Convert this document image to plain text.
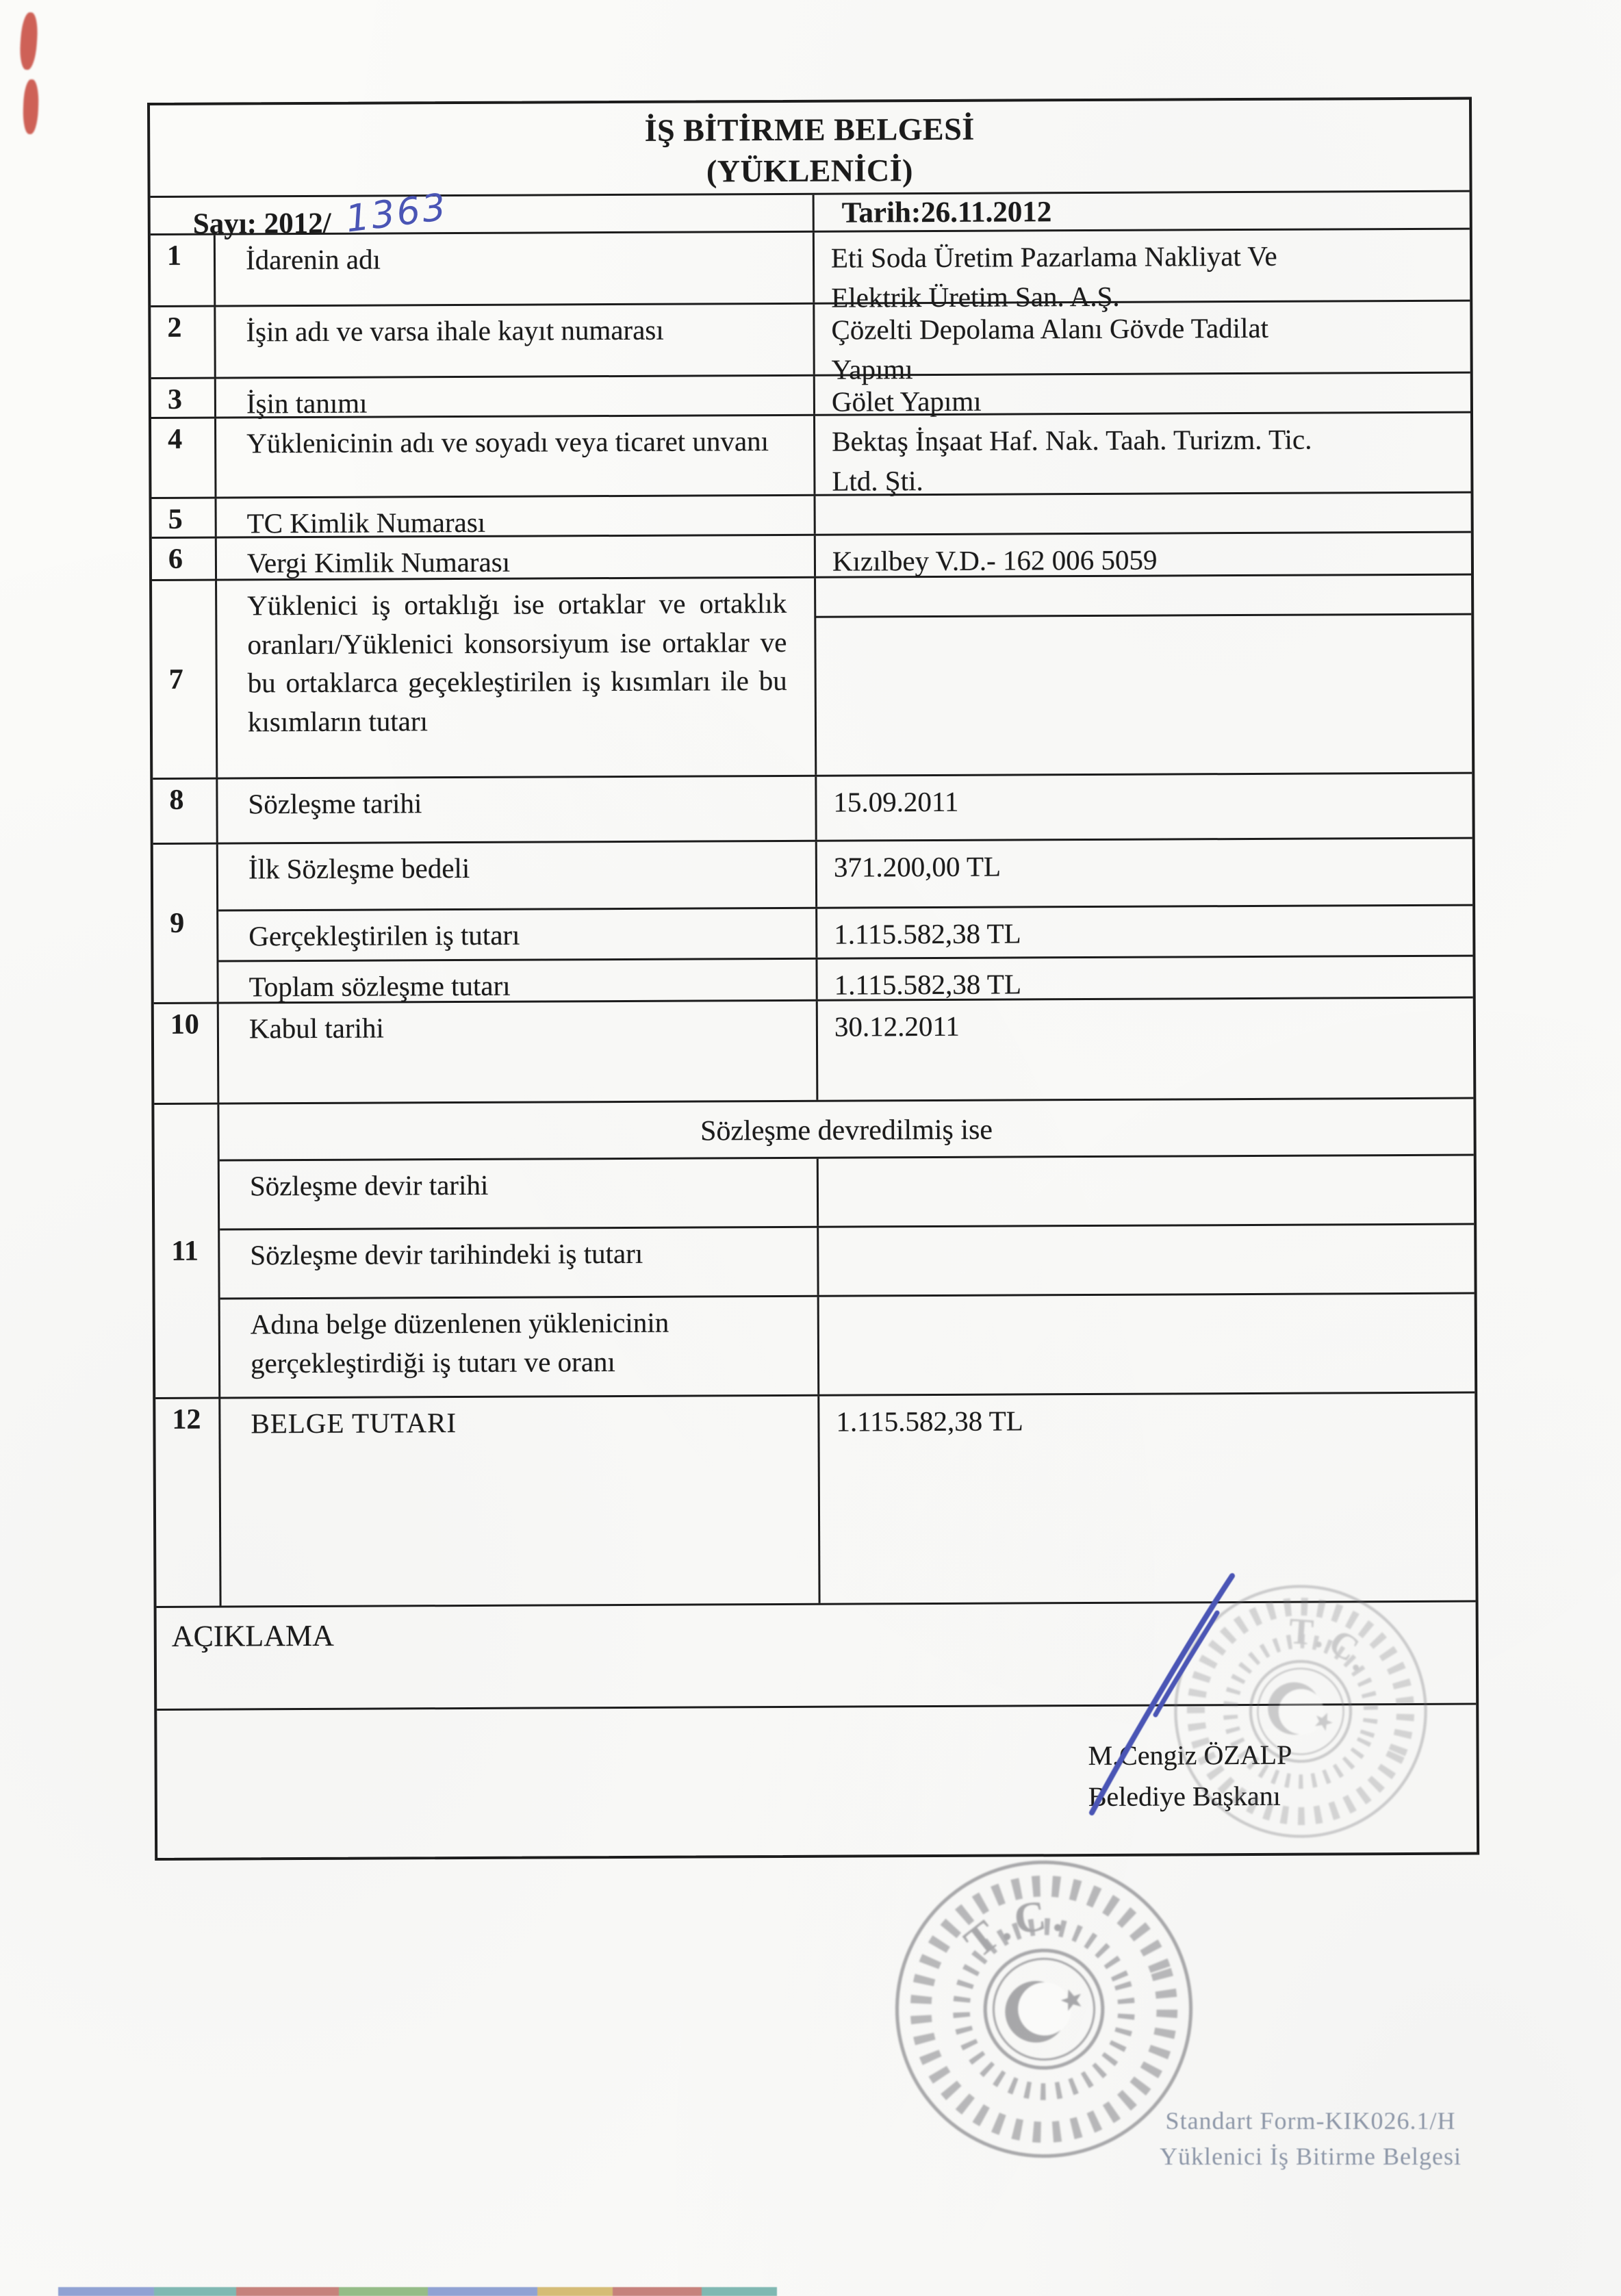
İŞ BİTİRME BELGESİ
(YÜKLENİCİ)
Sayı: 2012/ 1363	Tarih:26.11.2012
1	İdarenin adı	Eti Soda Üretim Pazarlama Nakliyat Ve
Elektrik Üretim San. A.Ş.
2	İşin adı ve varsa ihale kayıt numarası	Çözelti Depolama Alanı Gövde Tadilat
Yapımı
3	İşin tanımı	Gölet Yapımı
4	Yüklenicinin adı ve soyadı veya ticaret unvanı	Bektaş İnşaat Haf. Nak. Taah. Turizm. Tic.
Ltd. Şti.
5	TC Kimlik Numarası
6	Vergi Kimlik Numarası	Kızılbey V.D.- 162 006 5059
7
Yüklenici iş ortaklığı ise ortaklar ve ortaklık oranları/Yüklenici konsorsiyum ise ortaklar ve bu ortaklarca geçekleştirilen iş kısımları ile bu kısımların tutarı
8	Sözleşme tarihi	15.09.2011
9
İlk Sözleşme bedeli	371.200,00 TL
Gerçekleştirilen iş tutarı	1.115.582,38 TL
Toplam sözleşme tutarı	1.115.582,38 TL
10	Kabul tarihi	30.12.2011
11
Sözleşme devredilmiş ise
Sözleşme devir tarihi
Sözleşme devir tarihindeki iş tutarı
Adına belge düzenlenen yüklenicinin gerçekleştirdiği iş tutarı ve oranı
12	BELGE TUTARI	1.115.582,38 TL
AÇIKLAMA
M.Cengiz ÖZALP
Belediye Başkanı
Standart Form-KIK026.1/H
Yüklenici İş Bitirme Belgesi
